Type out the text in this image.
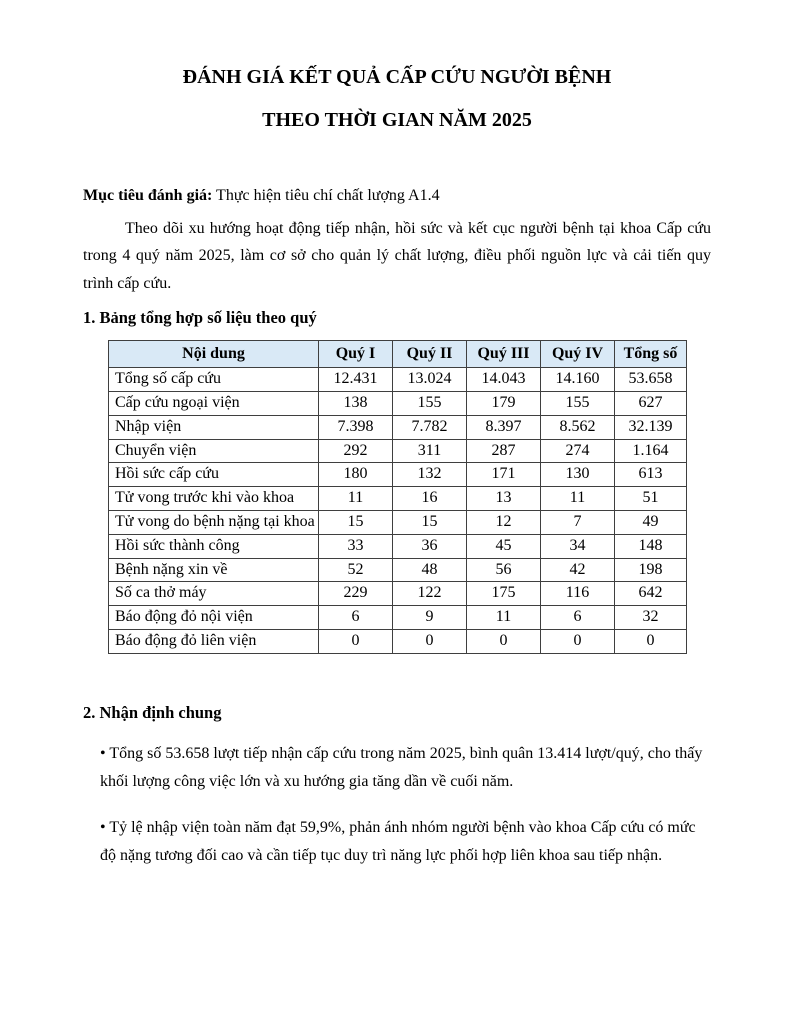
ĐÁNH GIÁ KẾT QUẢ CẤP CỨU NGƯỜI BỆNH
THEO THỜI GIAN NĂM 2025

Mục tiêu đánh giá: Thực hiện tiêu chí chất lượng A1.4

Theo dõi xu hướng hoạt động tiếp nhận, hồi sức và kết cục người bệnh tại khoa Cấp cứu trong 4 quý năm 2025, làm cơ sở cho quản lý chất lượng, điều phối nguồn lực và cải tiến quy trình cấp cứu.

1. Bảng tổng hợp số liệu theo quý
Nội dung	Quý I	Quý II	Quý III	Quý IV	Tổng số
Tổng số cấp cứu	12.431	13.024	14.043	14.160	53.658
Cấp cứu ngoại viện	138	155	179	155	627
Nhập viện	7.398	7.782	8.397	8.562	32.139
Chuyển viện	292	311	287	274	1.164
Hồi sức cấp cứu	180	132	171	130	613
Tử vong trước khi vào khoa	11	16	13	11	51
Tử vong do bệnh nặng tại khoa	15	15	12	7	49
Hồi sức thành công	33	36	45	34	148
Bệnh nặng xin về	52	48	56	42	198
Số ca thở máy	229	122	175	116	642
Báo động đỏ nội viện	6	9	11	6	32
Báo động đỏ liên viện	0	0	0	0	0
2. Nhận định chung

• Tổng số 53.658 lượt tiếp nhận cấp cứu trong năm 2025, bình quân 13.414 lượt/quý, cho thấy khối lượng công việc lớn và xu hướng gia tăng dần về cuối năm.

• Tỷ lệ nhập viện toàn năm đạt 59,9%, phản ánh nhóm người bệnh vào khoa Cấp cứu có mức độ nặng tương đối cao và cần tiếp tục duy trì năng lực phối hợp liên khoa sau tiếp nhận.
